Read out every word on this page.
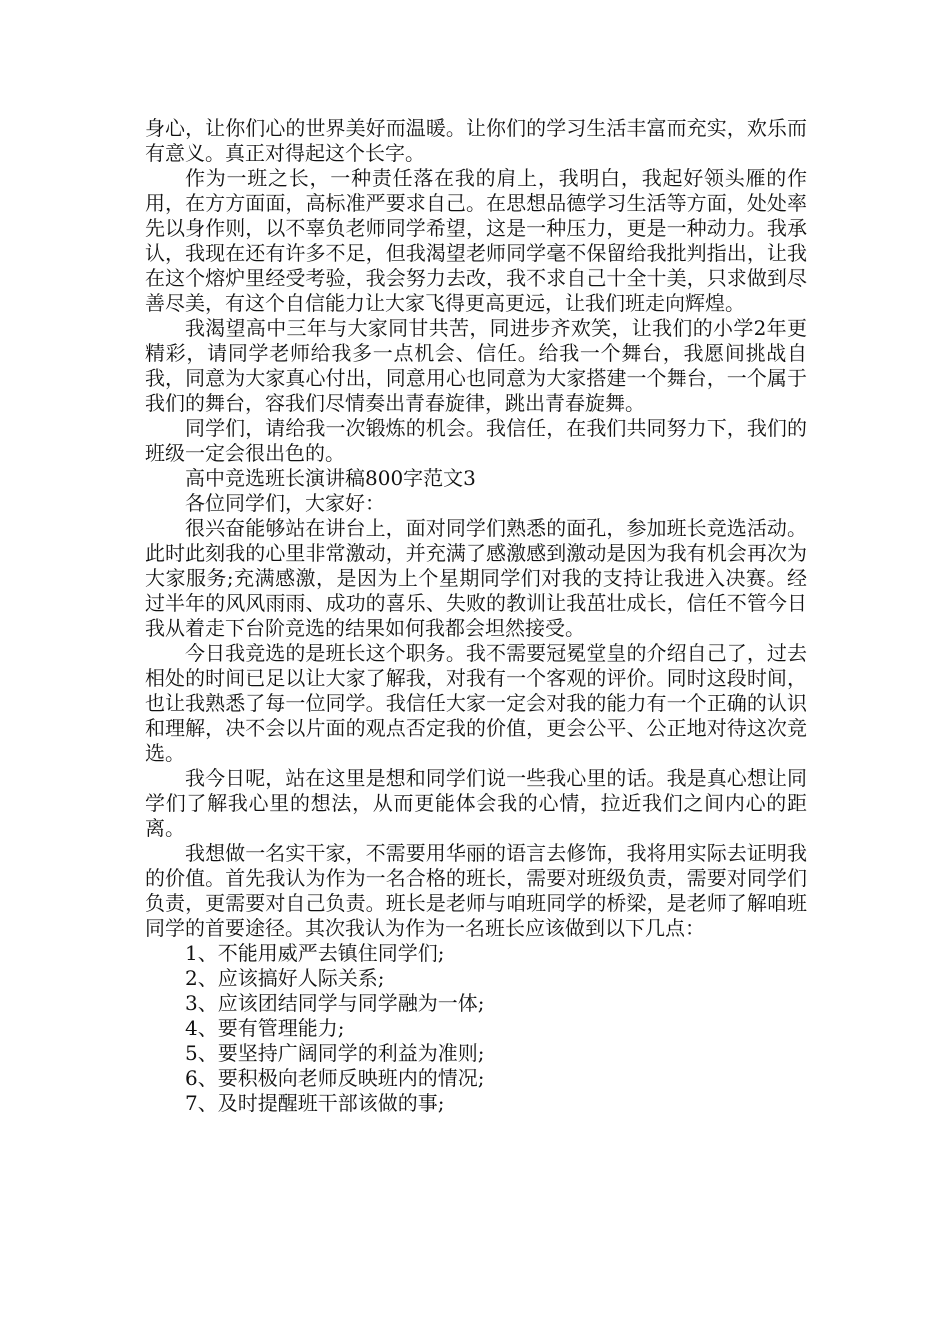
身心，让你们心的世界美好而温暖。让你们的学习生活丰富而充实，欢乐而有意义。真正对得起这个长字。

作为一班之长，一种责任落在我的肩上，我明白，我起好领头雁的作用，在方方面面，高标准严要求自己。在思想品德学习生活等方面，处处率先以身作则，以不辜负老师同学希望，这是一种压力，更是一种动力。我承认，我现在还有许多不足，但我渴望老师同学毫不保留给我批判指出，让我在这个熔炉里经受考验，我会努力去改，我不求自己十全十美，只求做到尽善尽美，有这个自信能力让大家飞得更高更远，让我们班走向辉煌。

我渴望高中三年与大家同甘共苦，同进步齐欢笑，让我们的小学2年更精彩，请同学老师给我多一点机会、信任。给我一个舞台，我愿间挑战自我，同意为大家真心付出，同意用心也同意为大家搭建一个舞台，一个属于我们的舞台，容我们尽情奏出青春旋律，跳出青春旋舞。

同学们，请给我一次锻炼的机会。我信任，在我们共同努力下，我们的班级一定会很出色的。

高中竞选班长演讲稿800字范文3

各位同学们，大家好：

很兴奋能够站在讲台上，面对同学们熟悉的面孔，参加班长竞选活动。此时此刻我的心里非常激动，并充满了感激感到激动是因为我有机会再次为大家服务;充满感激，是因为上个星期同学们对我的支持让我进入决赛。经过半年的风风雨雨、成功的喜乐、失败的教训让我茁壮成长，信任不管今日我从着走下台阶竞选的结果如何我都会坦然接受。

今日我竞选的是班长这个职务。我不需要冠冕堂皇的介绍自己了，过去相处的时间已足以让大家了解我，对我有一个客观的评价。同时这段时间，也让我熟悉了每一位同学。我信任大家一定会对我的能力有一个正确的认识和理解，决不会以片面的观点否定我的价值，更会公平、公正地对待这次竞选。

我今日呢，站在这里是想和同学们说一些我心里的话。我是真心想让同学们了解我心里的想法，从而更能体会我的心情，拉近我们之间内心的距离。

我想做一名实干家，不需要用华丽的语言去修饰，我将用实际去证明我的价值。首先我认为作为一名合格的班长，需要对班级负责，需要对同学们负责，更需要对自己负责。班长是老师与咱班同学的桥梁，是老师了解咱班同学的首要途径。其次我认为作为一名班长应该做到以下几点：

1、不能用威严去镇住同学们;

2、应该搞好人际关系;

3、应该团结同学与同学融为一体;

4、要有管理能力;

5、要坚持广阔同学的利益为准则;

6、要积极向老师反映班内的情况;

7、及时提醒班干部该做的事;
